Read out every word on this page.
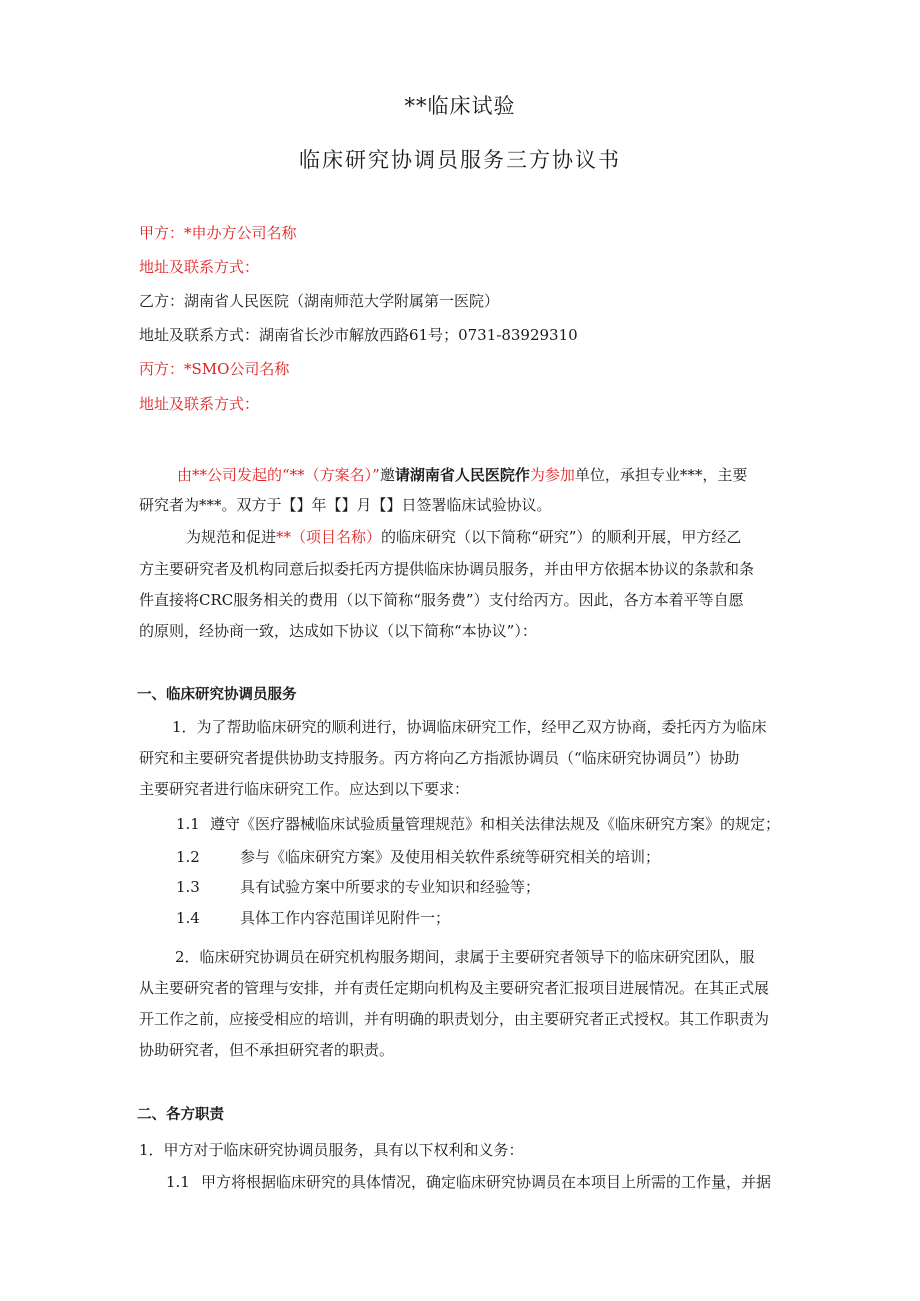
**临床试验
临床研究协调员服务三方协议书
甲方：*申办方公司名称
地址及联系方式：
乙方：湖南省人民医院（湖南师范大学附属第一医院）
地址及联系方式：湖南省长沙市解放西路61号；0731-83929310
丙方：*SMO公司名称
地址及联系方式：
由**公司发起的“**（方案名）”邀请湖南省人民医院作为参加单位，承担专业***，主要
研究者为***。双方于【】年【】月【】日签署临床试验协议。
为规范和促进**（项目名称）的临床研究（以下简称“研究”）的顺利开展，甲方经乙
方主要研究者及机构同意后拟委托丙方提供临床协调员服务，并由甲方依据本协议的条款和条
件直接将CRC服务相关的费用（以下简称“服务费”）支付给丙方。因此，各方本着平等自愿
的原则，经协商一致，达成如下协议（以下简称“本协议”）：
一、临床研究协调员服务
1．为了帮助临床研究的顺利进行，协调临床研究工作，经甲乙双方协商，委托丙方为临床
研究和主要研究者提供协助支持服务。丙方将向乙方指派协调员（“临床研究协调员”）协助
主要研究者进行临床研究工作。应达到以下要求：
1.1 遵守《医疗器械临床试验质量管理规范》和相关法律法规及《临床研究方案》的规定；
1.2	参与《临床研究方案》及使用相关软件系统等研究相关的培训；
1.3	具有试验方案中所要求的专业知识和经验等；
1.4	具体工作内容范围详见附件一；
2．临床研究协调员在研究机构服务期间，隶属于主要研究者领导下的临床研究团队，服
从主要研究者的管理与安排，并有责任定期向机构及主要研究者汇报项目进展情况。在其正式展
开工作之前，应接受相应的培训，并有明确的职责划分，由主要研究者正式授权。其工作职责为
协助研究者，但不承担研究者的职责。
二、各方职责
1．甲方对于临床研究协调员服务，具有以下权利和义务：
1.1 甲方将根据临床研究的具体情况，确定临床研究协调员在本项目上所需的工作量，并据
